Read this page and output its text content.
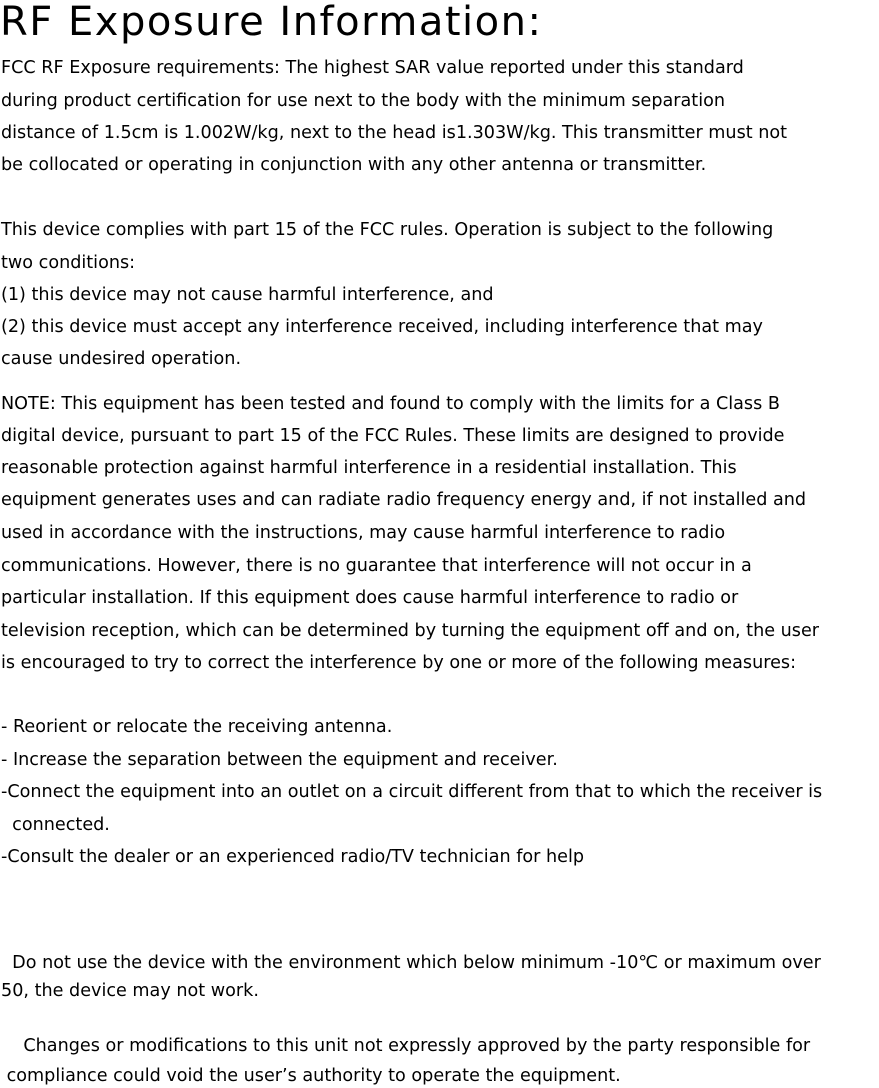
RF Exposure Information:
FCC RF Exposure requirements: The highest SAR value reported under this standard
during product certification for use next to the body with the minimum separation
distance of 1.5cm is 1.002W/kg, next to the head is1.303W/kg. This transmitter must not
be collocated or operating in conjunction with any other antenna or transmitter.
This device complies with part 15 of the FCC rules. Operation is subject to the following
two conditions:
(1) this device may not cause harmful interference, and
(2) this device must accept any interference received, including interference that may
cause undesired operation.
NOTE: This equipment has been tested and found to comply with the limits for a Class B
digital device, pursuant to part 15 of the FCC Rules. These limits are designed to provide
reasonable protection against harmful interference in a residential installation. This
equipment generates uses and can radiate radio frequency energy and, if not installed and
used in accordance with the instructions, may cause harmful interference to radio
communications. However, there is no guarantee that interference will not occur in a
particular installation. If this equipment does cause harmful interference to radio or
television reception, which can be determined by turning the equipment off and on, the user
is encouraged to try to correct the interference by one or more of the following measures:
- Reorient or relocate the receiving antenna.
- Increase the separation between the equipment and receiver.
-Connect the equipment into an outlet on a circuit different from that to which the receiver is
connected.
-Consult the dealer or an experienced radio/TV technician for help
Do not use the device with the environment which below minimum -10℃ or maximum over
50, the device may not work.
Changes or modifications to this unit not expressly approved by the party responsible for
compliance could void the user’s authority to operate the equipment.
